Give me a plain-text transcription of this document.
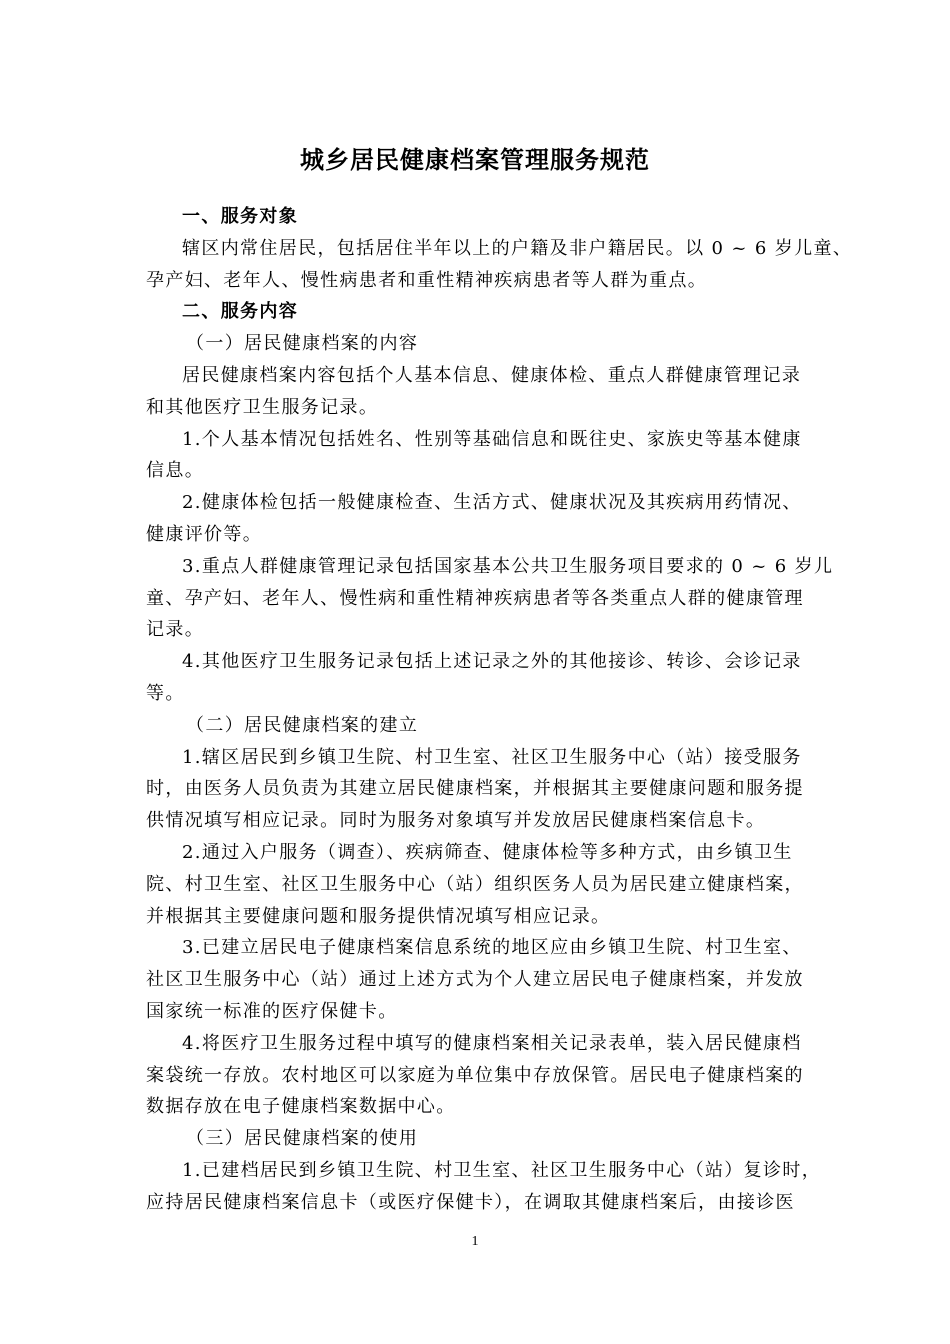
城乡居民健康档案管理服务规范
一、服务对象
辖区内常住居民，包括居住半年以上的户籍及非户籍居民。以 0 ~ 6 岁儿童、
孕产妇、老年人、慢性病患者和重性精神疾病患者等人群为重点。
二、服务内容
（一）居民健康档案的内容
居民健康档案内容包括个人基本信息、健康体检、重点人群健康管理记录
和其他医疗卫生服务记录。
1.个人基本情况包括姓名、性别等基础信息和既往史、家族史等基本健康
信息。
2.健康体检包括一般健康检查、生活方式、健康状况及其疾病用药情况、
健康评价等。
3.重点人群健康管理记录包括国家基本公共卫生服务项目要求的 0 ~ 6 岁儿
童、孕产妇、老年人、慢性病和重性精神疾病患者等各类重点人群的健康管理
记录。
4.其他医疗卫生服务记录包括上述记录之外的其他接诊、转诊、会诊记录
等。
（二）居民健康档案的建立
1.辖区居民到乡镇卫生院、村卫生室、社区卫生服务中心（站）接受服务
时，由医务人员负责为其建立居民健康档案，并根据其主要健康问题和服务提
供情况填写相应记录。同时为服务对象填写并发放居民健康档案信息卡。
2.通过入户服务（调查）、疾病筛查、健康体检等多种方式，由乡镇卫生
院、村卫生室、社区卫生服务中心（站）组织医务人员为居民建立健康档案，
并根据其主要健康问题和服务提供情况填写相应记录。
3.已建立居民电子健康档案信息系统的地区应由乡镇卫生院、村卫生室、
社区卫生服务中心（站）通过上述方式为个人建立居民电子健康档案，并发放
国家统一标准的医疗保健卡。
4.将医疗卫生服务过程中填写的健康档案相关记录表单，装入居民健康档
案袋统一存放。农村地区可以家庭为单位集中存放保管。居民电子健康档案的
数据存放在电子健康档案数据中心。
（三）居民健康档案的使用
1.已建档居民到乡镇卫生院、村卫生室、社区卫生服务中心（站）复诊时，
应持居民健康档案信息卡（或医疗保健卡），在调取其健康档案后，由接诊医
1
